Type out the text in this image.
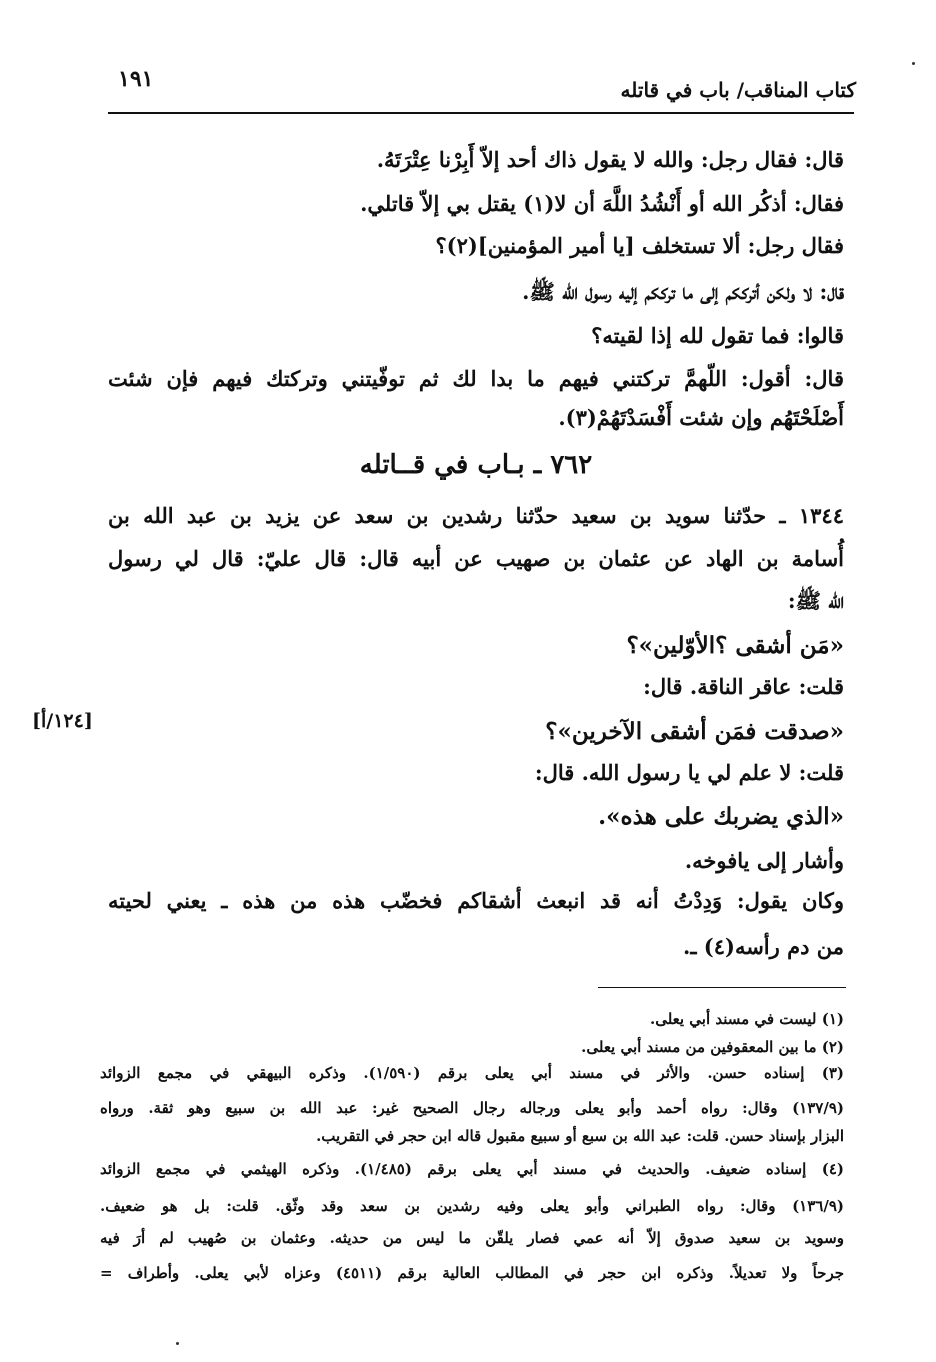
كتاب المناقب/ باب في قاتله
١٩١
قال: فقال رجل: والله لا يقول ذاك أحد إلاّ أَبِرْنا عِتْرَتَهُ.
فقال: أذكُر الله أو أَنْشُدُ اللَّهَ أن لا(١) يقتل بي إلاّ قاتلي.
فقال رجل: ألا تستخلف [يا أمير المؤمنين](٢)؟
قال: لا ولكن أترككم إلى ما ترككم إليه رسول الله ﷺ.
قالوا: فما تقول لله إذا لقيته؟
قال: أقول: اللّهمَّ تركتني فيهم ما بدا لك ثم توفّيتني وتركتك فيهم فإن شئت
أَصْلَحْتَهُم وإن شئت أَفْسَدْتَهُمْ(٣).
٧٦٢ ـ بـاب في قــاتله
١٣٤٤ ـ حدّثنا سويد بن سعيد حدّثنا رشدين بن سعد عن يزيد بن عبد الله بن
أُسامة بن الهاد عن عثمان بن صهيب عن أبيه قال: قال عليّ: قال لي رسول
الله ﷺ:
«مَن أشقى ؟الأوّلين»؟
قلت: عاقر الناقة. قال:
«صدقت فمَن أشقى الآخرين»؟
قلت: لا علم لي يا رسول الله. قال:
«الذي يضربك على هذه».
وأشار إلى يافوخه.
وكان يقول: وَدِدْتُ أنه قد انبعث أشقاكم فخضّب هذه من هذه ـ يعني لحيته
من دم رأسه(٤) ـ.
[١٢٤/أ]
(١) ليست في مسند أبي يعلى.
(٢) ما بين المعقوفين من مسند أبي يعلى.
(٣) إسناده حسن. والأثر في مسند أبي يعلى برقم (١/٥٩٠). وذكره البيهقي في مجمع الزوائد
(١٣٧/٩) وقال: رواه أحمد وأبو يعلى ورجاله رجال الصحيح غير: عبد الله بن سبيع وهو ثقة. ورواه
البزار بإسناد حسن. قلت: عبد الله بن سبع أو سبيع مقبول قاله ابن حجر في التقريب.
(٤) إسناده ضعيف. والحديث في مسند أبي يعلى برقم (١/٤٨٥). وذكره الهيثمي في مجمع الزوائد
(١٣٦/٩) وقال: رواه الطبراني وأبو يعلى وفيه رشدين بن سعد وقد وثّق. قلت: بل هو ضعيف.
وسويد بن سعيد صدوق إلاّ أنه عمي فصار يلقّن ما ليس من حديثه. وعثمان بن صُهيب لم أرَ فيه
جرحاً ولا تعديلاً. وذكره ابن حجر في المطالب العالية برقم (٤٥١١) وعزاه لأبي يعلى. وأطراف =
